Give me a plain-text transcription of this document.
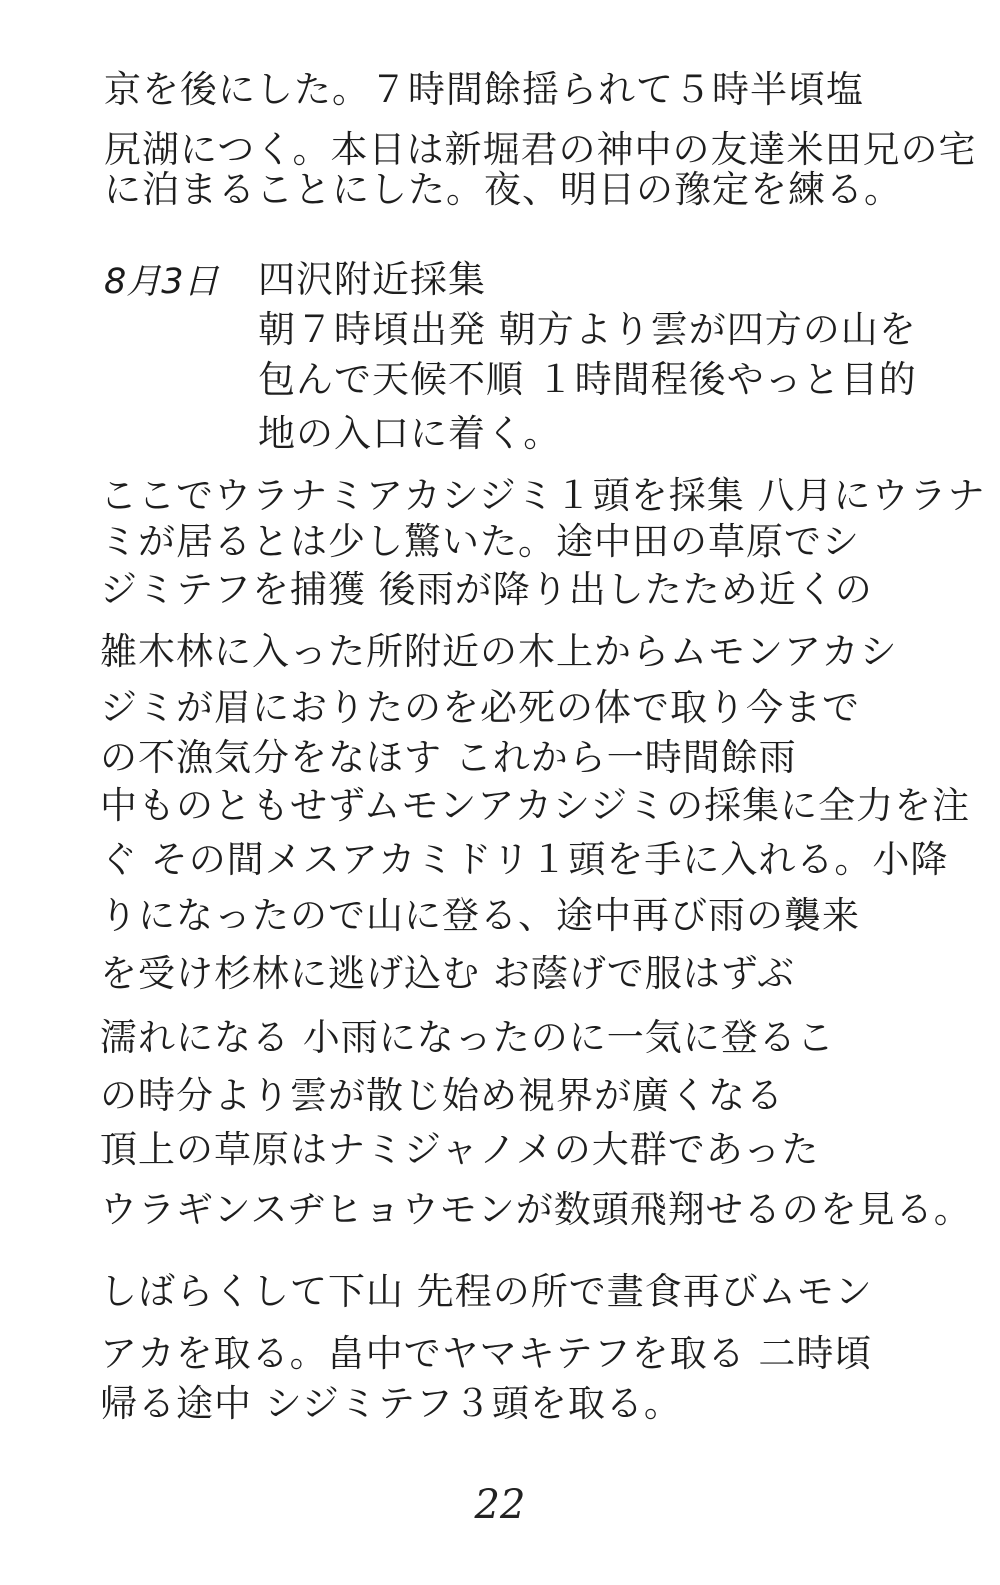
京を後にした。７時間餘揺られて５時半頃塩
尻湖につく。本日は新堀君の神中の友達米田兄の宅
に泊まることにした。夜、明日の豫定を練る。
8月3日 四沢附近採集
朝７時頃出発 朝方より雲が四方の山を
包んで天候不順 １時間程後やっと目的
地の入口に着く。
ここでウラナミアカシジミ１頭を採集 八月にウラナ
ミが居るとは少し驚いた。途中田の草原でシ
ジミテフを捕獲 後雨が降り出したため近くの
雑木林に入った所附近の木上からムモンアカシ
ジミが眉におりたのを必死の体で取り今まで
の不漁気分をなほす これから一時間餘雨
中ものともせずムモンアカシジミの採集に全力を注
ぐ その間メスアカミドリ１頭を手に入れる。小降
りになったので山に登る、途中再び雨の襲来
を受け杉林に逃げ込む お蔭げで服はずぶ
濡れになる 小雨になったのに一気に登るこ
の時分より雲が散じ始め視界が廣くなる
頂上の草原はナミジャノメの大群であった
ウラギンスヂヒョウモンが数頭飛翔せるのを見る。
しばらくして下山 先程の所で晝食再びムモン
アカを取る。畠中でヤマキテフを取る 二時頃
帰る途中 シジミテフ３頭を取る。
22
